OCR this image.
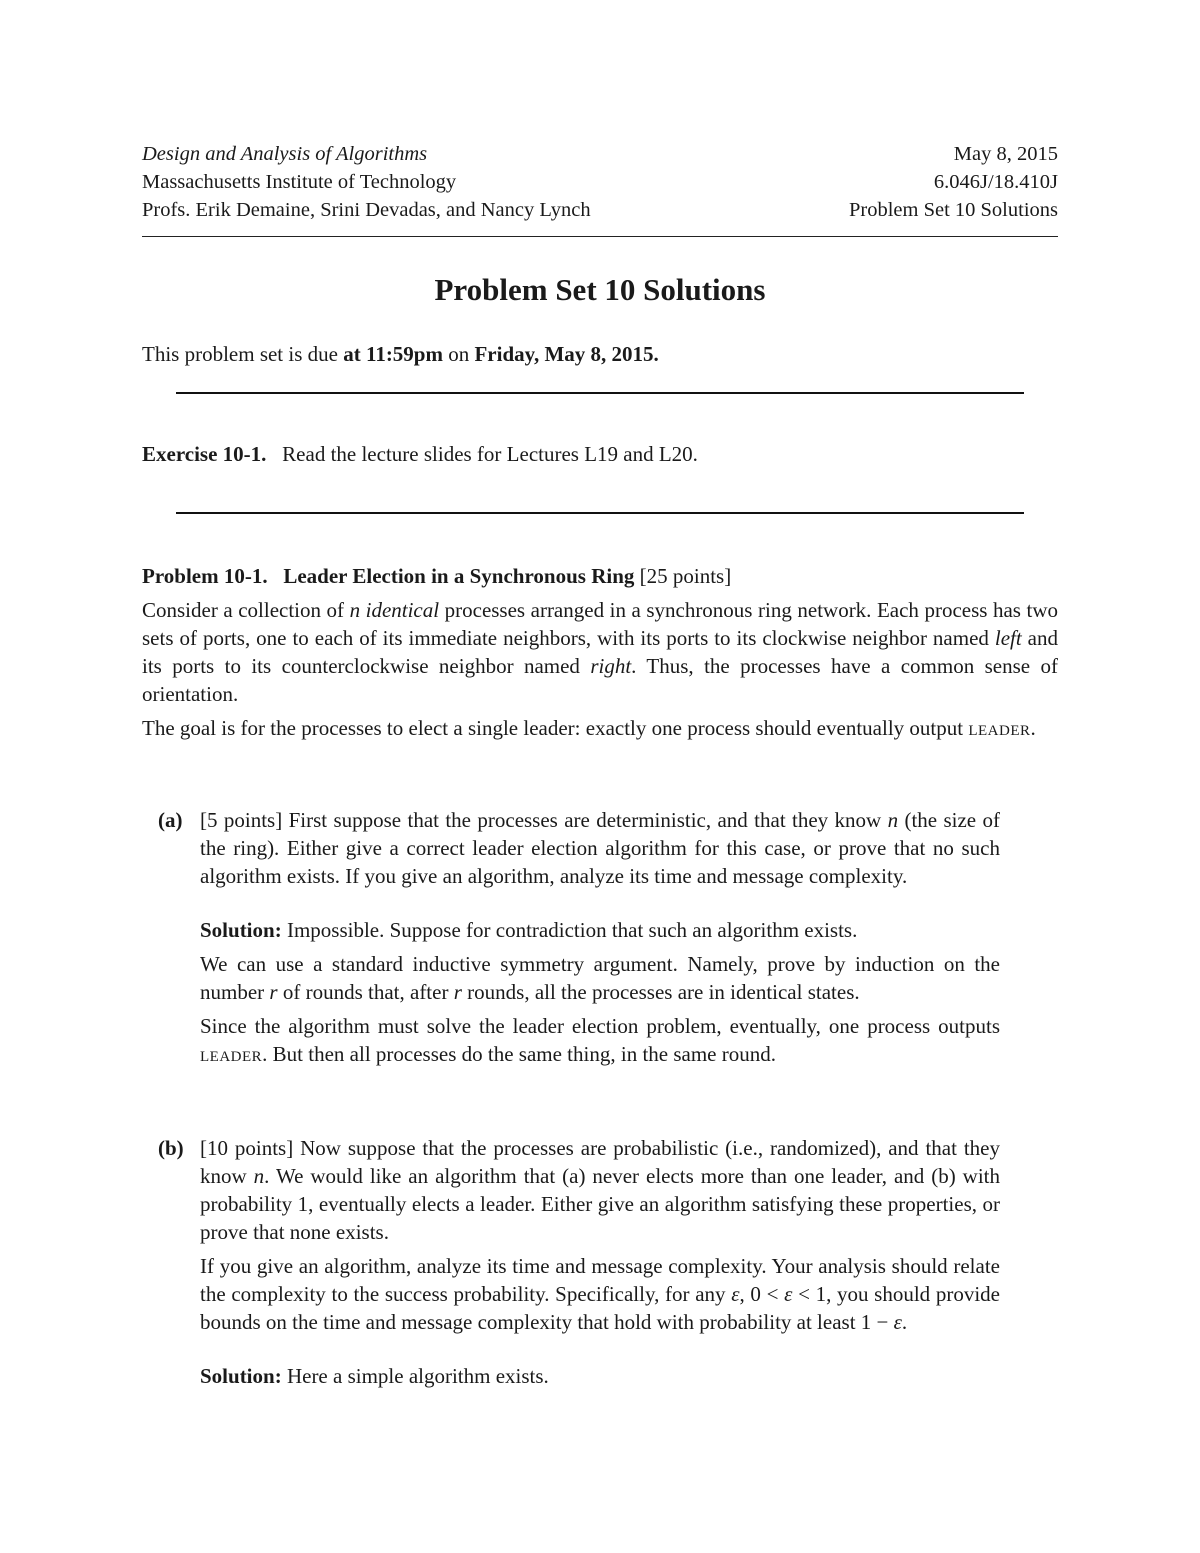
Design and Analysis of Algorithms	May 8, 2015
Massachusetts Institute of Technology	6.046J/18.410J
Profs. Erik Demaine, Srini Devadas, and Nancy Lynch	Problem Set 10 Solutions
Problem Set 10 Solutions
This problem set is due at 11:59pm on Friday, May 8, 2015.
Exercise 10-1. Read the lecture slides for Lectures L19 and L20.

Problem 10-1. Leader Election in a Synchronous Ring [25 points]

Consider a collection of n identical processes arranged in a synchronous ring network. Each process has two sets of ports, one to each of its immediate neighbors, with its ports to its clockwise neighbor named left and its ports to its counterclockwise neighbor named right. Thus, the processes have a common sense of orientation.

The goal is for the processes to elect a single leader: exactly one process should eventually output leader.

(a) [5 points] First suppose that the processes are deterministic, and that they know n (the size of the ring). Either give a correct leader election algorithm for this case, or prove that no such algorithm exists. If you give an algorithm, analyze its time and message complexity.

Solution: Impossible. Suppose for contradiction that such an algorithm exists.

We can use a standard inductive symmetry argument. Namely, prove by induction on the number r of rounds that, after r rounds, all the processes are in identical states.

Since the algorithm must solve the leader election problem, eventually, one process outputs leader. But then all processes do the same thing, in the same round.

(b) [10 points] Now suppose that the processes are probabilistic (i.e., randomized), and that they know n. We would like an algorithm that (a) never elects more than one leader, and (b) with probability 1, eventually elects a leader. Either give an algorithm satisfying these properties, or prove that none exists.

If you give an algorithm, analyze its time and message complexity. Your analysis should relate the complexity to the success probability. Specifically, for any ε, 0 < ε < 1, you should provide bounds on the time and message complexity that hold with probability at least 1 − ε.

Solution: Here a simple algorithm exists.
